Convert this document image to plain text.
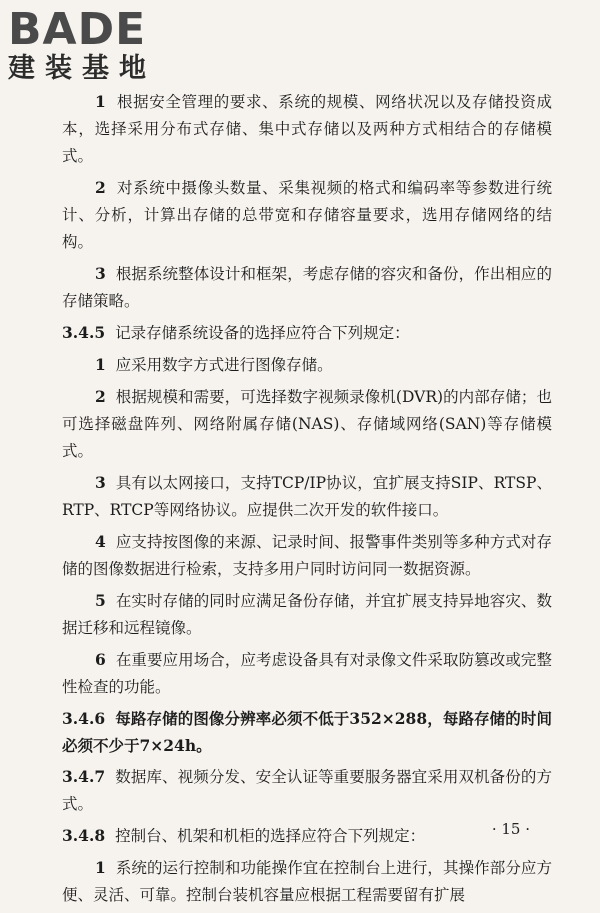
BADE
建装基地

1 根据安全管理的要求、系统的规模、网络状况以及存储投资成本，选择采用分布式存储、集中式存储以及两种方式相结合的存储模式。

2 对系统中摄像头数量、采集视频的格式和编码率等参数进行统计、分析，计算出存储的总带宽和存储容量要求，选用存储网络的结构。

3 根据系统整体设计和框架，考虑存储的容灾和备份，作出相应的存储策略。

3.4.5 记录存储系统设备的选择应符合下列规定：

1 应采用数字方式进行图像存储。

2 根据规模和需要，可选择数字视频录像机(DVR)的内部存储；也可选择磁盘阵列、网络附属存储(NAS)、存储域网络(SAN)等存储模式。

3 具有以太网接口，支持TCP/IP协议，宜扩展支持SIP、RTSP、RTP、RTCP等网络协议。应提供二次开发的软件接口。

4 应支持按图像的来源、记录时间、报警事件类别等多种方式对存储的图像数据进行检索，支持多用户同时访问同一数据资源。

5 在实时存储的同时应满足备份存储，并宜扩展支持异地容灾、数据迁移和远程镜像。

6 在重要应用场合，应考虑设备具有对录像文件采取防篡改或完整性检查的功能。

3.4.6 每路存储的图像分辨率必须不低于352×288，每路存储的时间必须不少于7×24h。

3.4.7 数据库、视频分发、安全认证等重要服务器宜采用双机备份的方式。

3.4.8 控制台、机架和机柜的选择应符合下列规定：

1 系统的运行控制和功能操作宜在控制台上进行，其操作部分应方便、灵活、可靠。控制台装机容量应根据工程需要留有扩展

· 15 ·
